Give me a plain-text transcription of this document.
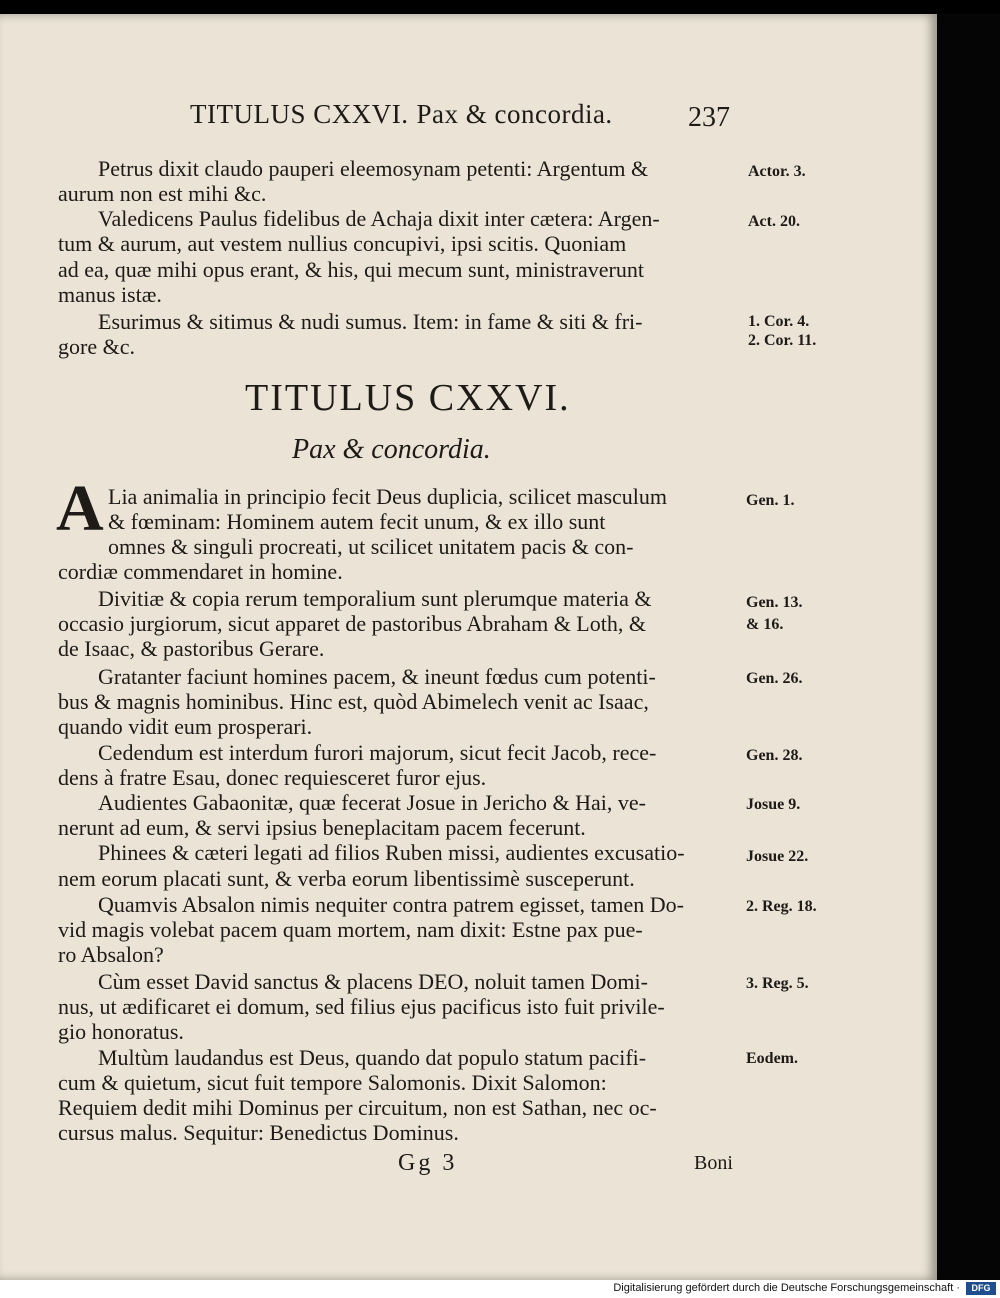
TITULUS CXXVI. Pax & concordia.	237
Petrus dixit claudo pauperi eleemosynam petenti: Argentum &
aurum non est mihi &c.
Valedicens Paulus fidelibus de Achaja dixit inter cætera: Argen-
tum & aurum, aut vestem nullius concupivi, ipsi scitis. Quoniam
ad ea, quæ mihi opus erant, & his, qui mecum sunt, ministraverunt
manus istæ.
Esurimus & sitimus & nudi sumus. Item: in fame & siti & fri-
gore &c.
Actor. 3.
Act. 20.
1. Cor. 4.
2. Cor. 11.
TITULUS CXXVI.
Pax & concordia.
A Lia animalia in principio fecit Deus duplicia, scilicet masculum
& fœminam: Hominem autem fecit unum, & ex illo sunt
omnes & singuli procreati, ut scilicet unitatem pacis & con-
cordiæ commendaret in homine.
Divitiæ & copia rerum temporalium sunt plerumque materia &
occasio jurgiorum, sicut apparet de pastoribus Abraham & Loth, &
de Isaac, & pastoribus Gerare.
Gratanter faciunt homines pacem, & ineunt fœdus cum potenti-
bus & magnis hominibus. Hinc est, quòd Abimelech venit ac Isaac,
quando vidit eum prosperari.
Cedendum est interdum furori majorum, sicut fecit Jacob, rece-
dens à fratre Esau, donec requiesceret furor ejus.
Audientes Gabaonitæ, quæ fecerat Josue in Jericho & Hai, ve-
nerunt ad eum, & servi ipsius beneplacitam pacem fecerunt.
Phinees & cæteri legati ad filios Ruben missi, audientes excusatio-
nem eorum placati sunt, & verba eorum libentissimè susceperunt.
Quamvis Absalon nimis nequiter contra patrem egisset, tamen Do-
vid magis volebat pacem quam mortem, nam dixit: Estne pax pue-
ro Absalon?
Cùm esset David sanctus & placens DEO, noluit tamen Domi-
nus, ut ædificaret ei domum, sed filius ejus pacificus isto fuit privile-
gio honoratus.
Multùm laudandus est Deus, quando dat populo statum pacifi-
cum & quietum, sicut fuit tempore Salomonis. Dixit Salomon:
Requiem dedit mihi Dominus per circuitum, non est Sathan, nec oc-
cursus malus. Sequitur: Benedictus Dominus.
Gen. 1.
Gen. 13.
& 16.
Gen. 26.
Gen. 28.
Josue 9.
Josue 22.
2. Reg. 18.
3. Reg. 5.
Eodem.
Gg 3	Boni
Digitalisierung gefördert durch die Deutsche Forschungsgemeinschaft ·	DFG
